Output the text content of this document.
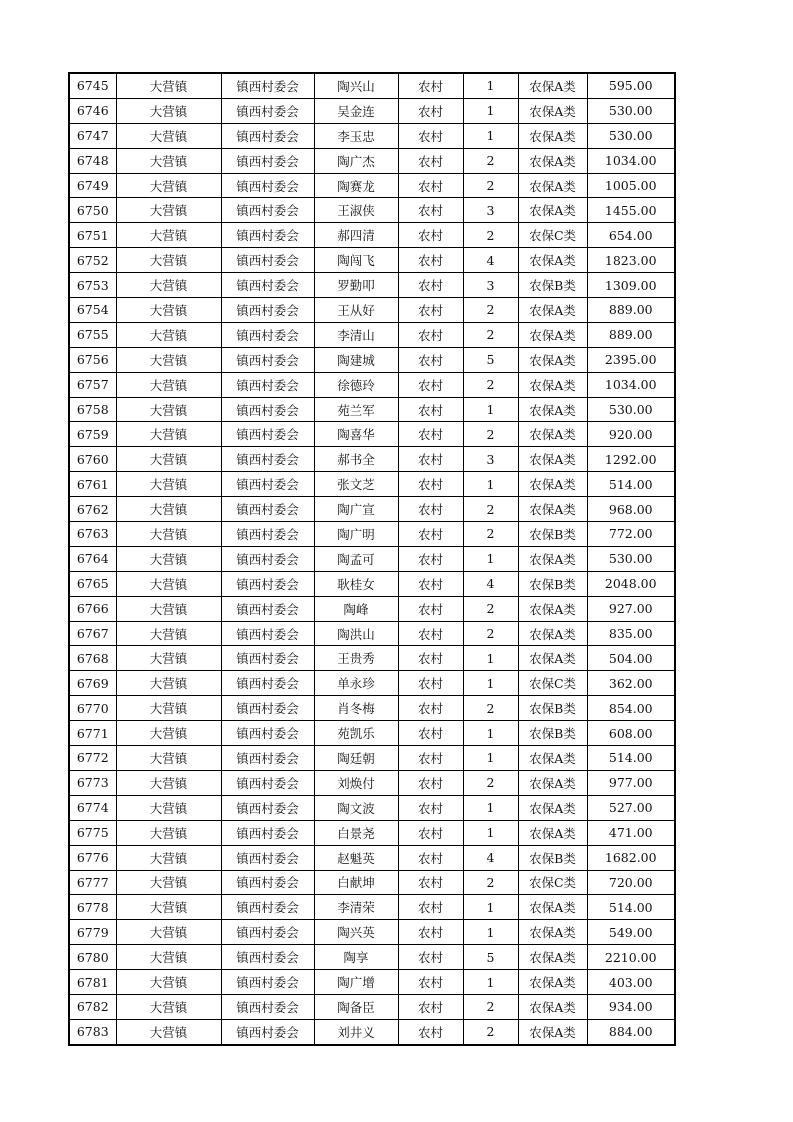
6745	大营镇	镇西村委会	陶兴山	农村	1	农保A类	595.00
6746	大营镇	镇西村委会	吴金连	农村	1	农保A类	530.00
6747	大营镇	镇西村委会	李玉忠	农村	1	农保A类	530.00
6748	大营镇	镇西村委会	陶广杰	农村	2	农保A类	1034.00
6749	大营镇	镇西村委会	陶赛龙	农村	2	农保A类	1005.00
6750	大营镇	镇西村委会	王淑侠	农村	3	农保A类	1455.00
6751	大营镇	镇西村委会	郝四清	农村	2	农保C类	654.00
6752	大营镇	镇西村委会	陶闯飞	农村	4	农保A类	1823.00
6753	大营镇	镇西村委会	罗勤叩	农村	3	农保B类	1309.00
6754	大营镇	镇西村委会	王从好	农村	2	农保A类	889.00
6755	大营镇	镇西村委会	李清山	农村	2	农保A类	889.00
6756	大营镇	镇西村委会	陶建城	农村	5	农保A类	2395.00
6757	大营镇	镇西村委会	徐德玲	农村	2	农保A类	1034.00
6758	大营镇	镇西村委会	苑兰军	农村	1	农保A类	530.00
6759	大营镇	镇西村委会	陶喜华	农村	2	农保A类	920.00
6760	大营镇	镇西村委会	郝书全	农村	3	农保A类	1292.00
6761	大营镇	镇西村委会	张文芝	农村	1	农保A类	514.00
6762	大营镇	镇西村委会	陶广宣	农村	2	农保A类	968.00
6763	大营镇	镇西村委会	陶广明	农村	2	农保B类	772.00
6764	大营镇	镇西村委会	陶孟可	农村	1	农保A类	530.00
6765	大营镇	镇西村委会	耿桂女	农村	4	农保B类	2048.00
6766	大营镇	镇西村委会	陶峰	农村	2	农保A类	927.00
6767	大营镇	镇西村委会	陶洪山	农村	2	农保A类	835.00
6768	大营镇	镇西村委会	王贵秀	农村	1	农保A类	504.00
6769	大营镇	镇西村委会	单永珍	农村	1	农保C类	362.00
6770	大营镇	镇西村委会	肖冬梅	农村	2	农保B类	854.00
6771	大营镇	镇西村委会	苑凯乐	农村	1	农保B类	608.00
6772	大营镇	镇西村委会	陶廷朝	农村	1	农保A类	514.00
6773	大营镇	镇西村委会	刘焕付	农村	2	农保A类	977.00
6774	大营镇	镇西村委会	陶文波	农村	1	农保A类	527.00
6775	大营镇	镇西村委会	白景尧	农村	1	农保A类	471.00
6776	大营镇	镇西村委会	赵魁英	农村	4	农保B类	1682.00
6777	大营镇	镇西村委会	白献坤	农村	2	农保C类	720.00
6778	大营镇	镇西村委会	李清荣	农村	1	农保A类	514.00
6779	大营镇	镇西村委会	陶兴英	农村	1	农保A类	549.00
6780	大营镇	镇西村委会	陶享	农村	5	农保A类	2210.00
6781	大营镇	镇西村委会	陶广增	农村	1	农保A类	403.00
6782	大营镇	镇西村委会	陶备臣	农村	2	农保A类	934.00
6783	大营镇	镇西村委会	刘井义	农村	2	农保A类	884.00
